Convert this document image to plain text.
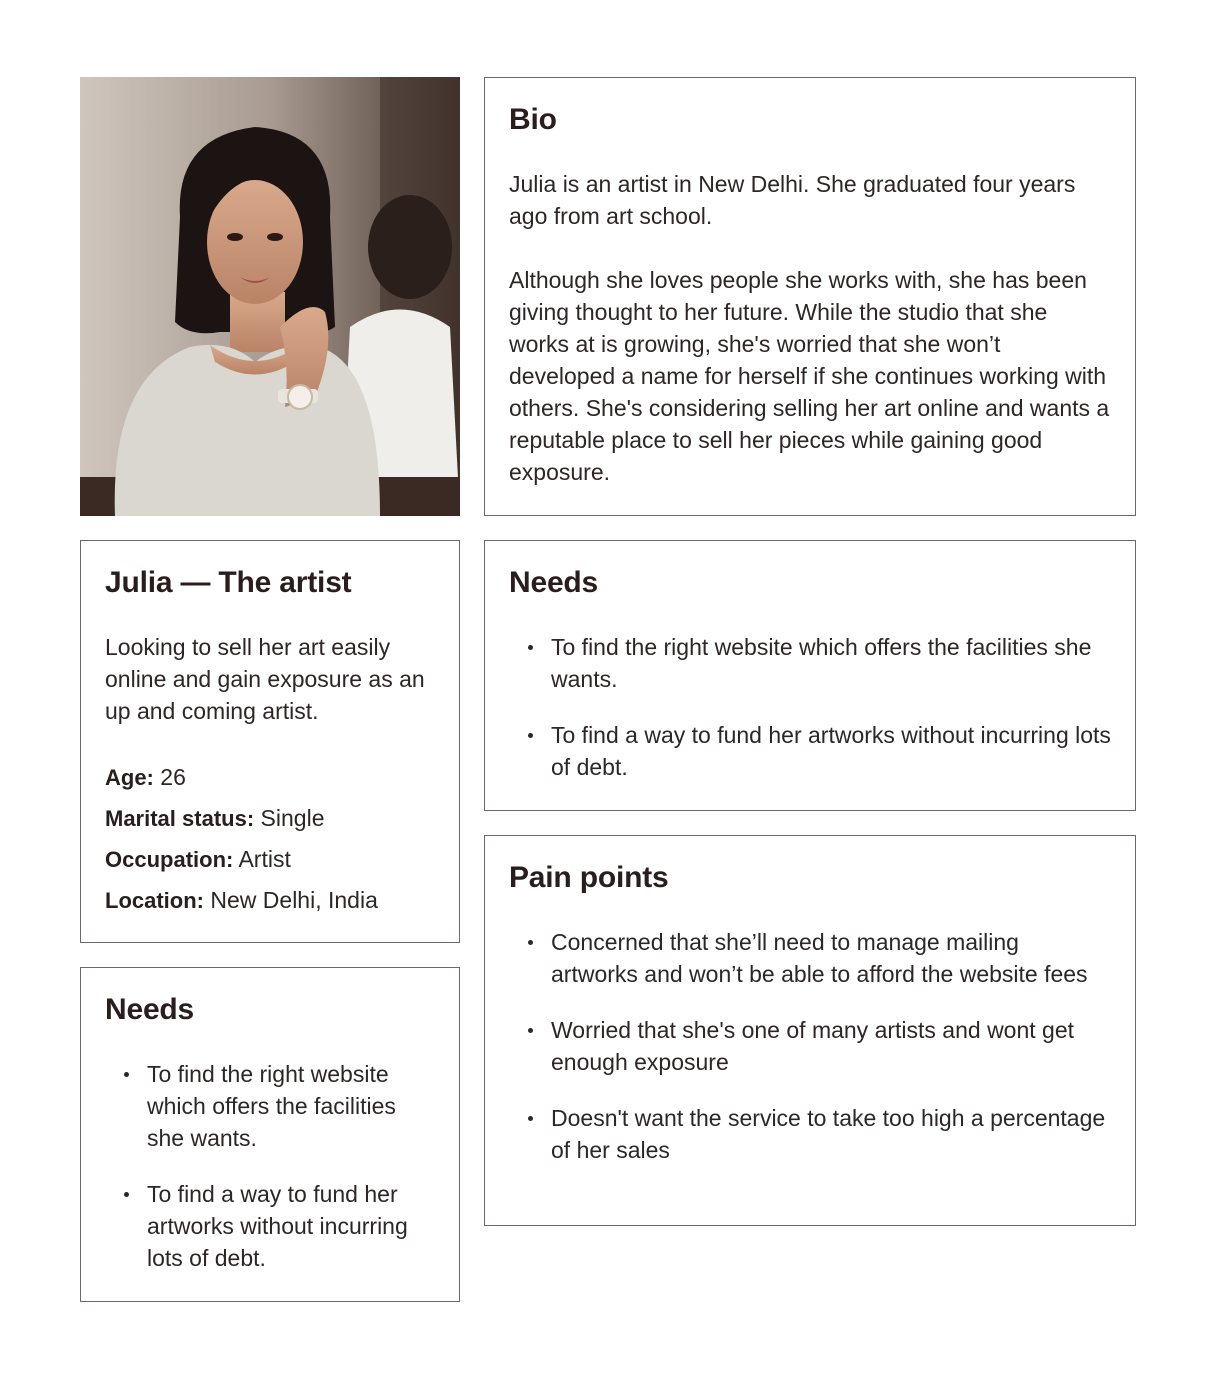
Bio

Julia is an artist in New Delhi. She graduated four years ago from art school.

Although she loves people she works with, she has been giving thought to her future. While the studio that she works at is growing, she's worried that she won’t developed a name for herself if she continues working with others. She's considering selling her art online and wants a reputable place to sell her pieces while gaining good exposure.

Julia — The artist

Looking to sell her art easily online and gain exposure as an up and coming artist.

Age: 26
Marital status: Single
Occupation: Artist
Location: New Delhi, India
Needs
To find the right website which offers the facilities she wants.
To find a way to fund her artworks without incurring lots of debt.
Pain points
Concerned that she’ll need to manage mailing artworks and won’t be able to afford the website fees
Worried that she's one of many artists and wont get enough exposure
Doesn't want the service to take too high a percentage of her sales
Needs
To find the right website which offers the facilities she wants.
To find a way to fund her artworks without incurring lots of debt.
